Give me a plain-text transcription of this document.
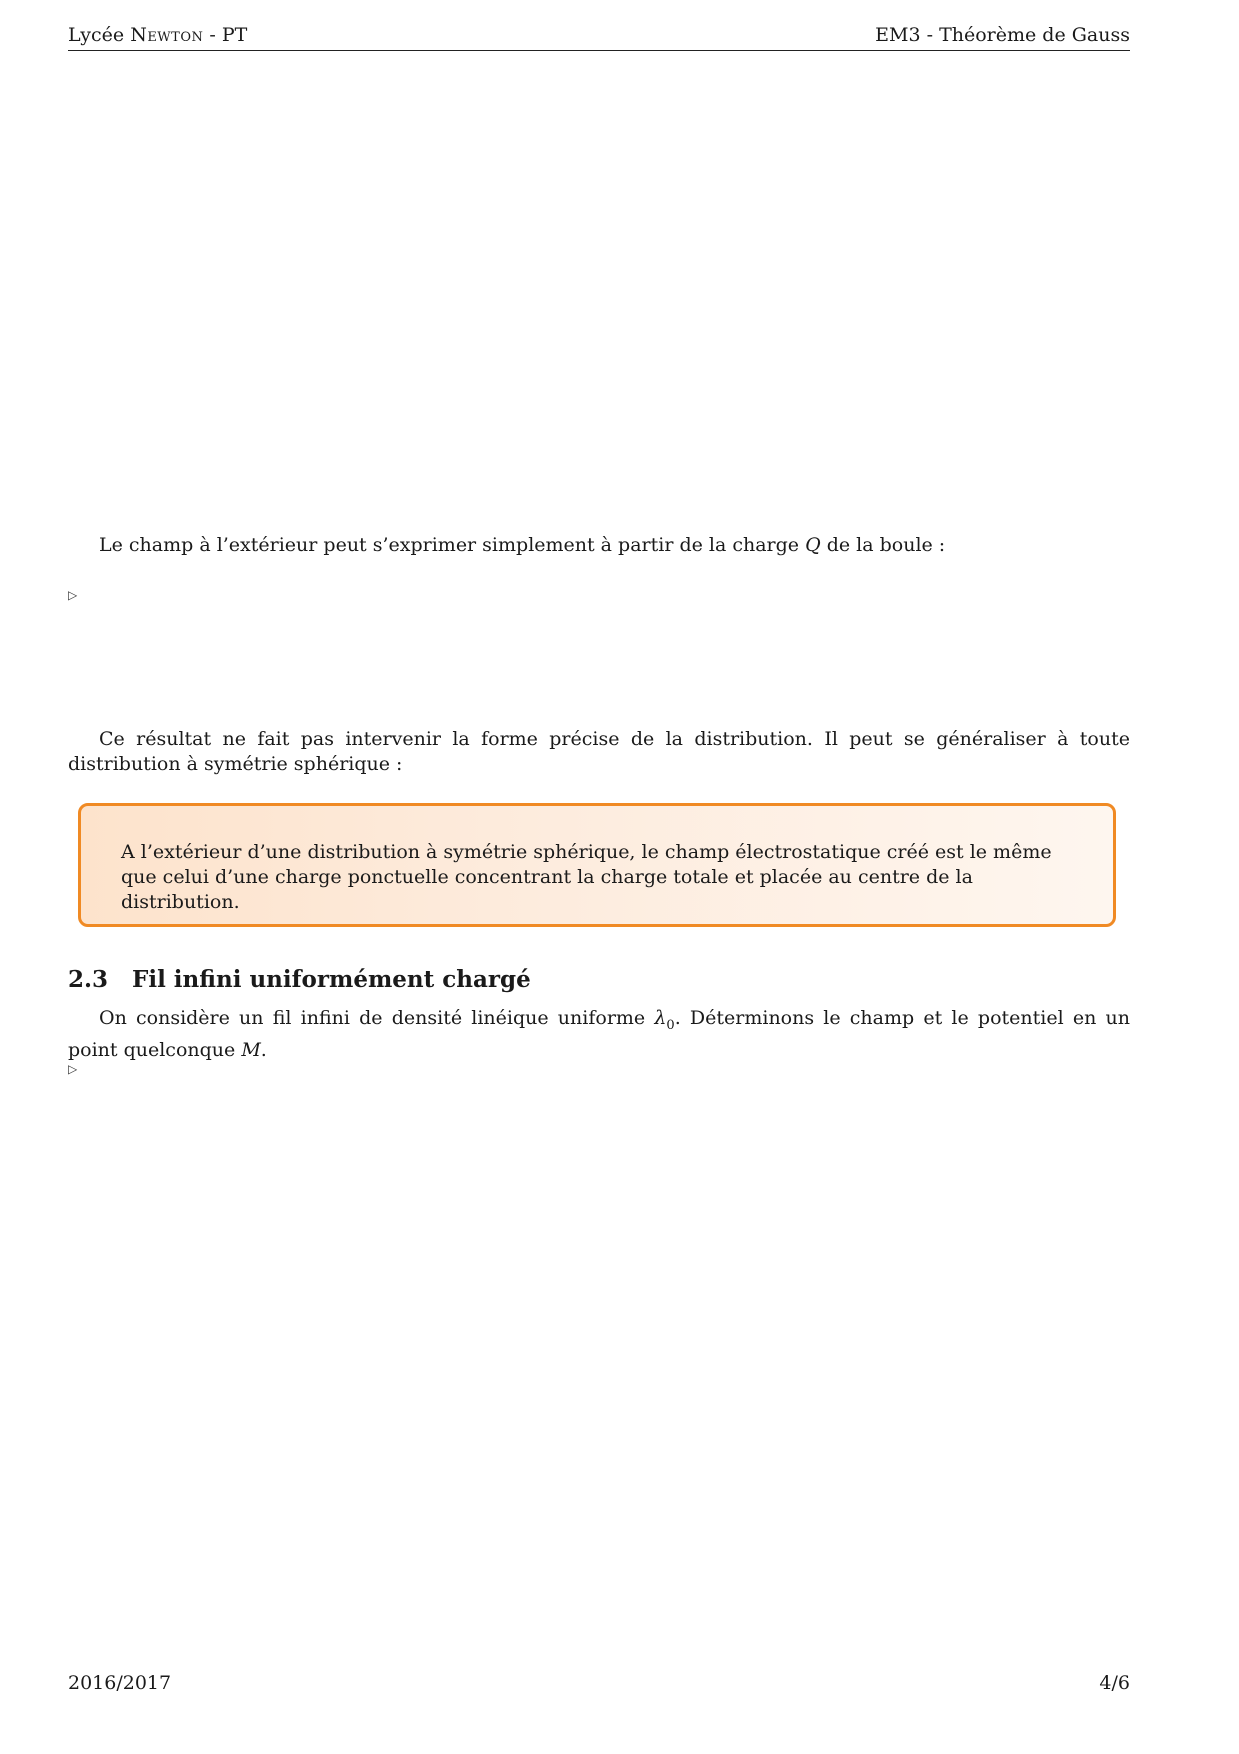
Lycée Newton - PT	EM3 - Théorème de Gauss
Le champ à l’extérieur peut s’exprimer simplement à partir de la charge Q de la boule :
▷
Ce résultat ne fait pas intervenir la forme précise de la distribution. Il peut se généraliser à toute distribution à symétrie sphérique :
A l’extérieur d’une distribution à symétrie sphérique, le champ électrostatique créé est le même que celui d’une charge ponctuelle concentrant la charge totale et placée au centre de la distribution.
2.3 Fil infini uniformément chargé
On considère un fil infini de densité linéique uniforme $\lambda_0$. Déterminons le champ et le potentiel en un point quelconque M.
▷
2016/2017	4/6
